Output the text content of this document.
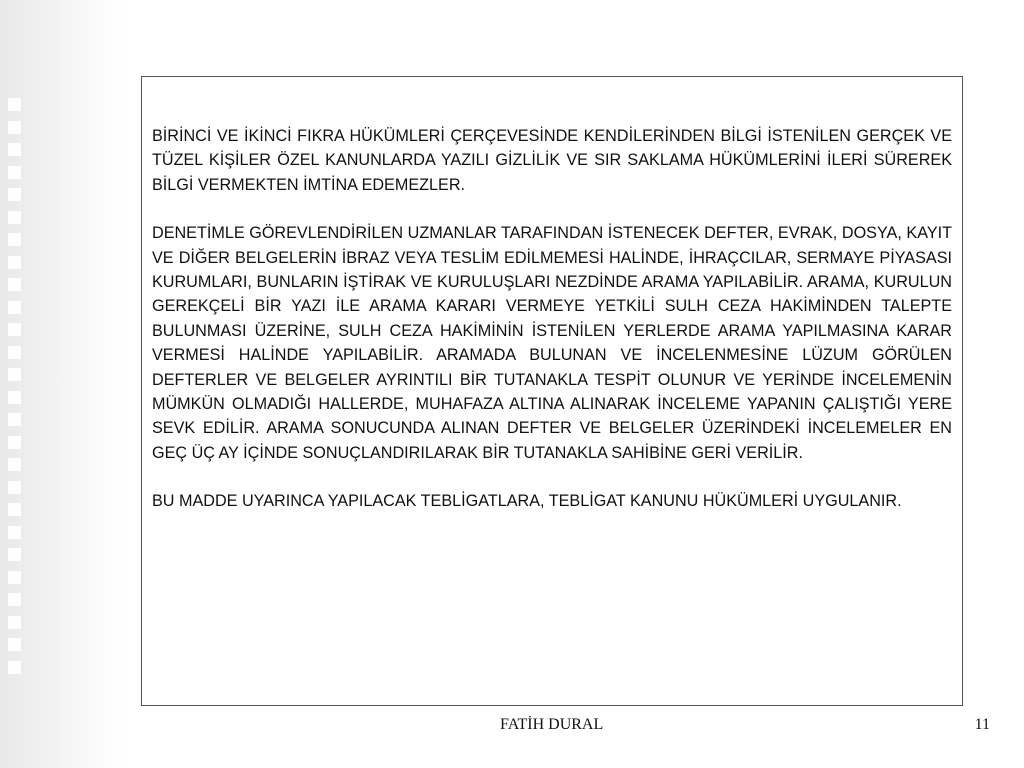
BİRİNCİ VE İKİNCİ FIKRA HÜKÜMLERİ ÇERÇEVESİNDE KENDİLERİNDEN BİLGİ İSTENİLEN GERÇEK VE TÜZEL KİŞİLER ÖZEL KANUNLARDA YAZILI GİZLİLİK VE SIR SAKLAMA HÜKÜMLERİNİ İLERİ SÜREREK BİLGİ VERMEKTEN İMTİNA EDEMEZLER.

DENETİMLE GÖREVLENDİRİLEN UZMANLAR TARAFINDAN İSTENECEK DEFTER, EVRAK, DOSYA, KAYIT VE DİĞER BELGELERİN İBRAZ VEYA TESLİM EDİLMEMESİ HALİNDE, İHRAÇCILAR, SERMAYE PİYASASI KURUMLARI, BUNLARIN İŞTİRAK VE KURULUŞLARI NEZDİNDE ARAMA YAPILABİLİR. ARAMA, KURULUN GEREKÇELİ BİR YAZI İLE ARAMA KARARI VERMEYE YETKİLİ SULH CEZA HAKİMİNDEN TALEPTE BULUNMASI ÜZERİNE, SULH CEZA HAKİMİNİN İSTENİLEN YERLERDE ARAMA YAPILMASINA KARAR VERMESİ HALİNDE YAPILABİLİR. ARAMADA BULUNAN VE İNCELENMESİNE LÜZUM GÖRÜLEN DEFTERLER VE BELGELER AYRINTILI BİR TUTANAKLA TESPİT OLUNUR VE YERİNDE İNCELEMENİN MÜMKÜN OLMADIĞI HALLERDE, MUHAFAZA ALTINA ALINARAK İNCELEME YAPANIN ÇALIŞTIĞI YERE SEVK EDİLİR. ARAMA SONUCUNDA ALINAN DEFTER VE BELGELER ÜZERİNDEKİ İNCELEMELER EN GEÇ ÜÇ AY İÇİNDE SONUÇLANDIRILARAK BİR TUTANAKLA SAHİBİNE GERİ VERİLİR.

BU MADDE UYARINCA YAPILACAK TEBLİGATLARA, TEBLİGAT KANUNU HÜKÜMLERİ UYGULANIR.

FATİH DURAL	11
